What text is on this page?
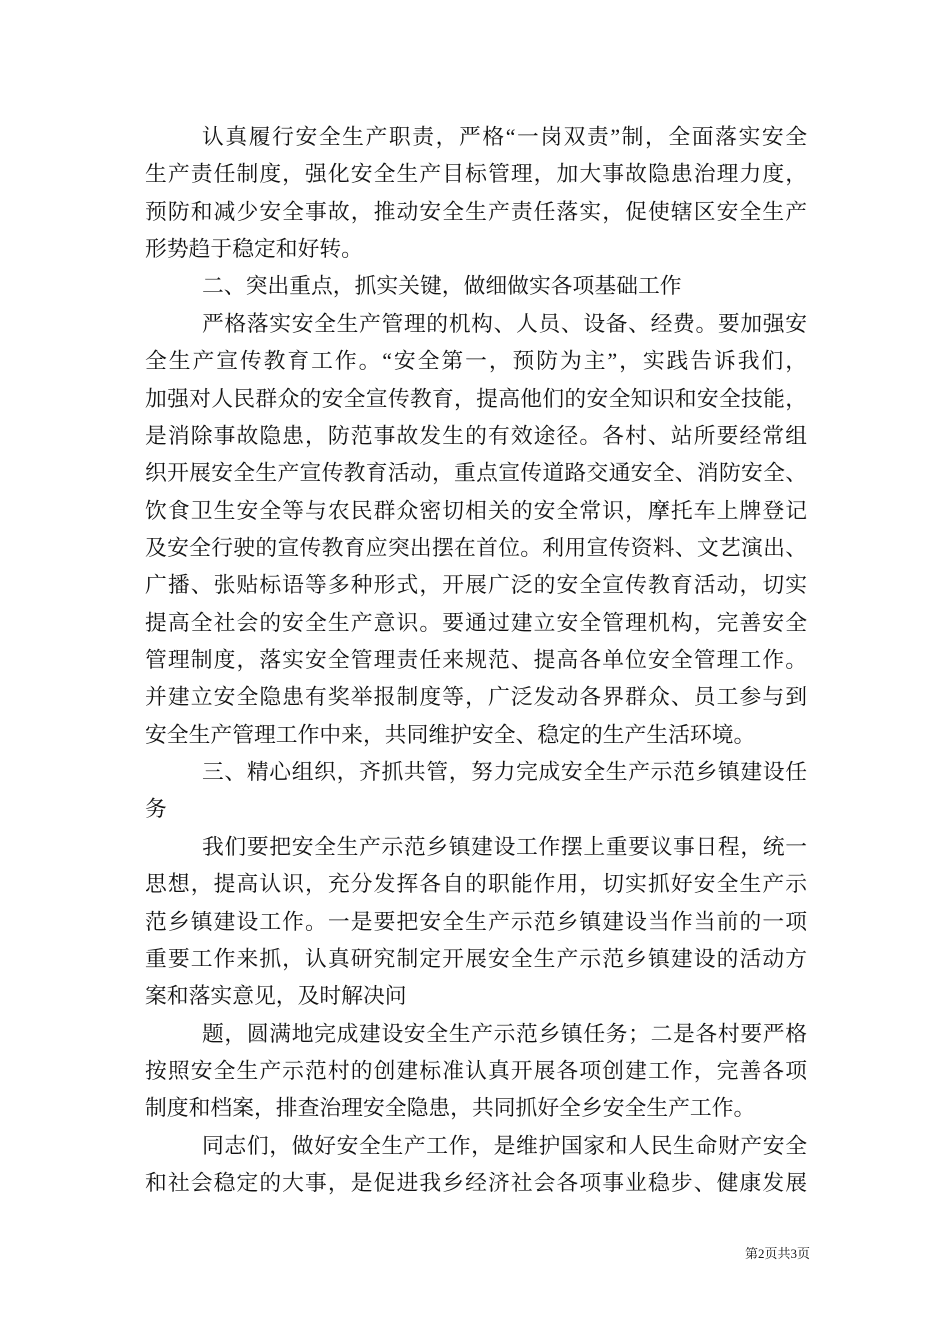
认真履行安全生产职责，严格“一岗双责”制，全面落实安全
生产责任制度，强化安全生产目标管理，加大事故隐患治理力度，
预防和减少安全事故，推动安全生产责任落实，促使辖区安全生产
形势趋于稳定和好转。
二、突出重点，抓实关键，做细做实各项基础工作
严格落实安全生产管理的机构、人员、设备、经费。要加强安
全生产宣传教育工作。“安全第一，预防为主”，实践告诉我们，
加强对人民群众的安全宣传教育，提高他们的安全知识和安全技能，
是消除事故隐患，防范事故发生的有效途径。各村、站所要经常组
织开展安全生产宣传教育活动，重点宣传道路交通安全、消防安全、
饮食卫生安全等与农民群众密切相关的安全常识，摩托车上牌登记
及安全行驶的宣传教育应突出摆在首位。利用宣传资料、文艺演出、
广播、张贴标语等多种形式，开展广泛的安全宣传教育活动，切实
提高全社会的安全生产意识。要通过建立安全管理机构，完善安全
管理制度，落实安全管理责任来规范、提高各单位安全管理工作。
并建立安全隐患有奖举报制度等，广泛发动各界群众、员工参与到
安全生产管理工作中来，共同维护安全、稳定的生产生活环境。
三、精心组织，齐抓共管，努力完成安全生产示范乡镇建设任
务
我们要把安全生产示范乡镇建设工作摆上重要议事日程，统一
思想，提高认识，充分发挥各自的职能作用，切实抓好安全生产示
范乡镇建设工作。一是要把安全生产示范乡镇建设当作当前的一项
重要工作来抓，认真研究制定开展安全生产示范乡镇建设的活动方
案和落实意见，及时解决问
题，圆满地完成建设安全生产示范乡镇任务；二是各村要严格
按照安全生产示范村的创建标准认真开展各项创建工作，完善各项
制度和档案，排查治理安全隐患，共同抓好全乡安全生产工作。
同志们，做好安全生产工作，是维护国家和人民生命财产安全
和社会稳定的大事，是促进我乡经济社会各项事业稳步、健康发展
第2页共3页
